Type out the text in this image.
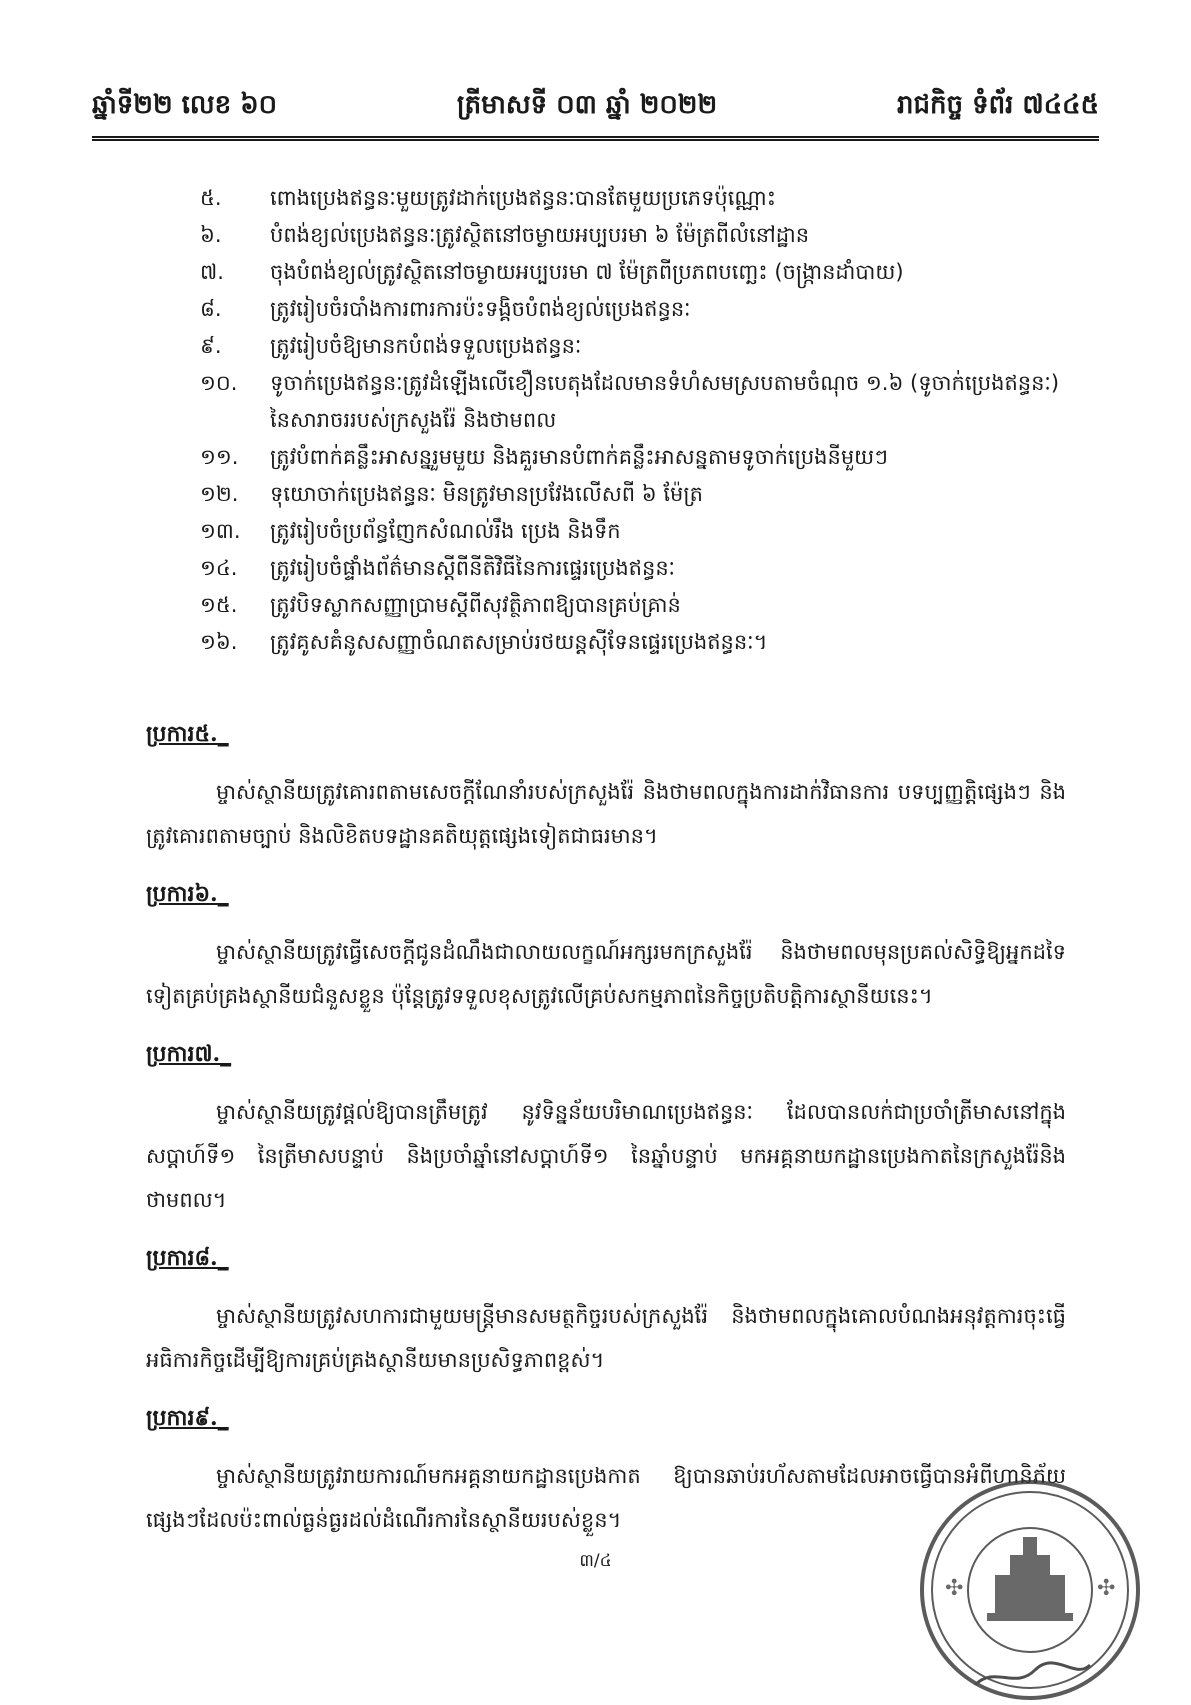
ឆ្នាំទី២២ លេខ ៦០	ត្រីមាសទី ០៣ ឆ្នាំ ២០២២	រាជកិច្ច ទំព័រ ៧៤៤៥
៥.	ពោងប្រេងឥន្ធនៈមួយត្រូវដាក់ប្រេងឥន្ធនៈបានតែមួយប្រភេទប៉ុណ្ណោះ
៦.	បំពង់ខ្យល់ប្រេងឥន្ធនៈត្រូវស្ថិតនៅចម្ងាយអប្បបរមា ៦ ម៉ែត្រពីលំនៅដ្ឋាន
៧.	ចុងបំពង់ខ្យល់ត្រូវស្ថិតនៅចម្ងាយអប្បបរមា ៧ ម៉ែត្រពីប្រភពបញ្ឆេះ (ចង្ក្រានដាំបាយ)
៨.	ត្រូវរៀបចំរបាំងការពារការប៉ះទង្គិចបំពង់ខ្យល់ប្រេងឥន្ធនៈ
៩.	ត្រូវរៀបចំឱ្យមានកបំពង់ទទួលប្រេងឥន្ធនៈ
១០.	ទូចាក់ប្រេងឥន្ធនៈត្រូវដំឡើងលើខឿនបេតុងដែលមានទំហំសមស្របតាមចំណុច ១.៦ (ទូចាក់ប្រេងឥន្ធនៈ) នៃសារាចររបស់ក្រសួងរ៉ែ និងថាមពល
១១.	ត្រូវបំពាក់គន្លឹះអាសន្នរួមមួយ និងគួរមានបំពាក់គន្លឹះអាសន្នតាមទូចាក់ប្រេងនីមួយៗ
១២.	ទុយោចាក់ប្រេងឥន្ធនៈ មិនត្រូវមានប្រវែងលើសពី ៦ ម៉ែត្រ
១៣.	ត្រូវរៀបចំប្រព័ន្ធញែកសំណល់រឹង ប្រេង និងទឹក
១៤.	ត្រូវរៀបចំផ្ទាំងព័ត៌មានស្ដីពីនីតិវិធីនៃការផ្ទេរប្រេងឥន្ធនៈ
១៥.	ត្រូវបិទស្លាកសញ្ញាប្រាមស្ដីពីសុវត្ថិភាពឱ្យបានគ្រប់គ្រាន់
១៦.	ត្រូវគូសគំនូសសញ្ញាចំណតសម្រាប់រថយន្តស៊ីទែនផ្ទេរប្រេងឥន្ធនៈ។
ប្រការ៥._
ម្ចាស់ស្ថានីយត្រូវគោរពតាមសេចក្ដីណែនាំរបស់ក្រសួងរ៉ែ និងថាមពលក្នុងការដាក់វិធានការ បទប្បញ្ញត្តិផ្សេងៗ និងត្រូវគោរពតាមច្បាប់ និងលិខិតបទដ្ឋានគតិយុត្តផ្សេងទៀតជាធរមាន។
ប្រការ៦._
ម្ចាស់ស្ថានីយត្រូវធ្វើសេចក្ដីជូនដំណឹងជាលាយលក្ខណ៍អក្សរមកក្រសួងរ៉ែ និងថាមពលមុនប្រគល់សិទ្ធិឱ្យអ្នកដទៃទៀតគ្រប់គ្រងស្ថានីយជំនួសខ្លួន ប៉ុន្តែត្រូវទទួលខុសត្រូវលើគ្រប់សកម្មភាពនៃកិច្ចប្រតិបត្តិការស្ថានីយនេះ។
ប្រការ៧._
ម្ចាស់ស្ថានីយត្រូវផ្ដល់ឱ្យបានត្រឹមត្រូវ នូវទិន្នន័យបរិមាណប្រេងឥន្ធនៈ ដែលបានលក់ជាប្រចាំត្រីមាសនៅក្នុងសប្ដាហ៍ទី១ នៃត្រីមាសបន្ទាប់ និងប្រចាំឆ្នាំនៅសប្ដាហ៍ទី១ នៃឆ្នាំបន្ទាប់ មកអគ្គនាយកដ្ឋានប្រេងកាតនៃក្រសួងរ៉ែនិងថាមពល។
ប្រការ៨._
ម្ចាស់ស្ថានីយត្រូវសហការជាមួយមន្ត្រីមានសមត្ថកិច្ចរបស់ក្រសួងរ៉ែ និងថាមពលក្នុងគោលបំណងអនុវត្តការចុះធ្វើអធិការកិច្ចដើម្បីឱ្យការគ្រប់គ្រងស្ថានីយមានប្រសិទ្ធភាពខ្ពស់។
ប្រការ៩._
ម្ចាស់ស្ថានីយត្រូវរាយការណ៍មកអគ្គនាយកដ្ឋានប្រេងកាត ឱ្យបានឆាប់រហ័សតាមដែលអាចធ្វើបានអំពីហានិភ័យផ្សេងៗដែលប៉ះពាល់ធ្ងន់ធ្ងរដល់ដំណើរការនៃស្ថានីយរបស់ខ្លួន។
៣/៤
✣	✣
